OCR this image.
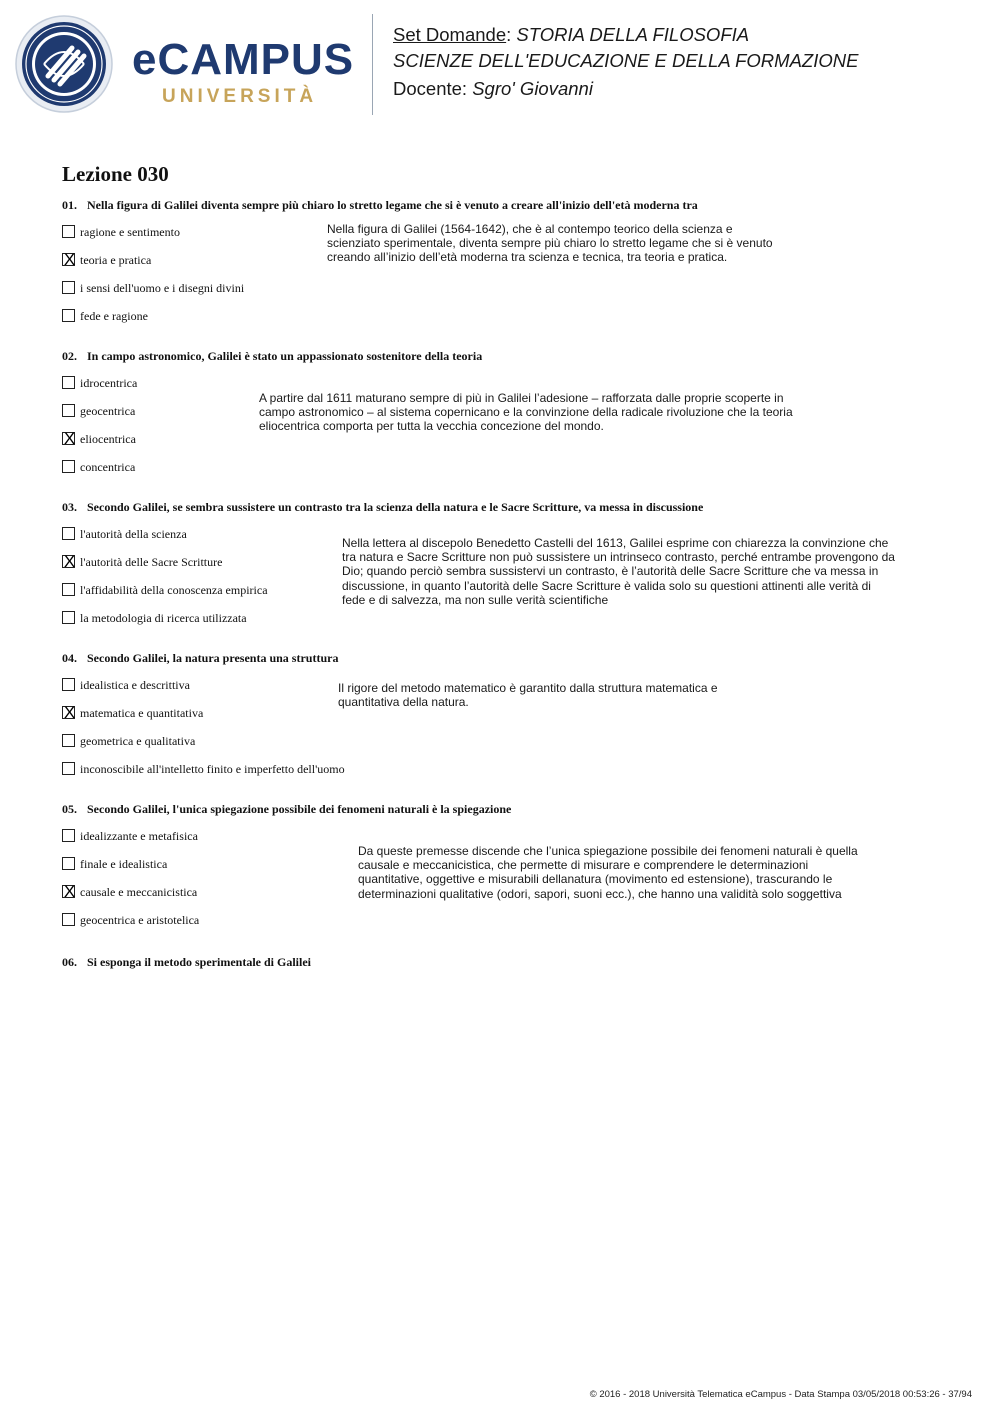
eCAMPUS
UNIVERSITÀ
Set Domande: STORIA DELLA FILOSOFIA
SCIENZE DELL'EDUCAZIONE E DELLA FORMAZIONE
Docente: Sgro' Giovanni
Lezione 030
01. Nella figura di Galilei diventa sempre più chiaro lo stretto legame che si è venuto a creare all'inizio dell'età moderna tra
ragione e sentimento
X teoria e pratica
i sensi dell'uomo e i disegni divini
fede e ragione
Nella figura di Galilei (1564-1642), che è al contempo teorico della scienza e
scienziato sperimentale, diventa sempre più chiaro lo stretto legame che si è venuto
creando all’inizio dell’età moderna tra scienza e tecnica, tra teoria e pratica.
02. In campo astronomico, Galilei è stato un appassionato sostenitore della teoria
idrocentrica
geocentrica
X eliocentrica
concentrica
A partire dal 1611 maturano sempre di più in Galilei l’adesione – rafforzata dalle proprie scoperte in
campo astronomico – al sistema copernicano e la convinzione della radicale rivoluzione che la teoria
eliocentrica comporta per tutta la vecchia concezione del mondo.
03. Secondo Galilei, se sembra sussistere un contrasto tra la scienza della natura e le Sacre Scritture, va messa in discussione
l'autorità della scienza
X l'autorità delle Sacre Scritture
l'affidabilità della conoscenza empirica
la metodologia di ricerca utilizzata
Nella lettera al discepolo Benedetto Castelli del 1613, Galilei esprime con chiarezza la convinzione che
tra natura e Sacre Scritture non può sussistere un intrinseco contrasto, perché entrambe provengono da
Dio; quando perciò sembra sussistervi un contrasto, è l’autorità delle Sacre Scritture che va messa in
discussione, in quanto l’autorità delle Sacre Scritture è valida solo su questioni attinenti alle verità di
fede e di salvezza, ma non sulle verità scientifiche
04. Secondo Galilei, la natura presenta una struttura
idealistica e descrittiva
X matematica e quantitativa
geometrica e qualitativa
inconoscibile all'intelletto finito e imperfetto dell'uomo
Il rigore del metodo matematico è garantito dalla struttura matematica e
quantitativa della natura.
05. Secondo Galilei, l'unica spiegazione possibile dei fenomeni naturali è la spiegazione
idealizzante e metafisica
finale e idealistica
X causale e meccanicistica
geocentrica e aristotelica
Da queste premesse discende che l’unica spiegazione possibile dei fenomeni naturali è quella
causale e meccanicistica, che permette di misurare e comprendere le determinazioni
quantitative, oggettive e misurabili dellanatura (movimento ed estensione), trascurando le
determinazioni qualitative (odori, sapori, suoni ecc.), che hanno una validità solo soggettiva
06. Si esponga il metodo sperimentale di Galilei
© 2016 - 2018 Università Telematica eCampus - Data Stampa 03/05/2018 00:53:26 - 37/94
